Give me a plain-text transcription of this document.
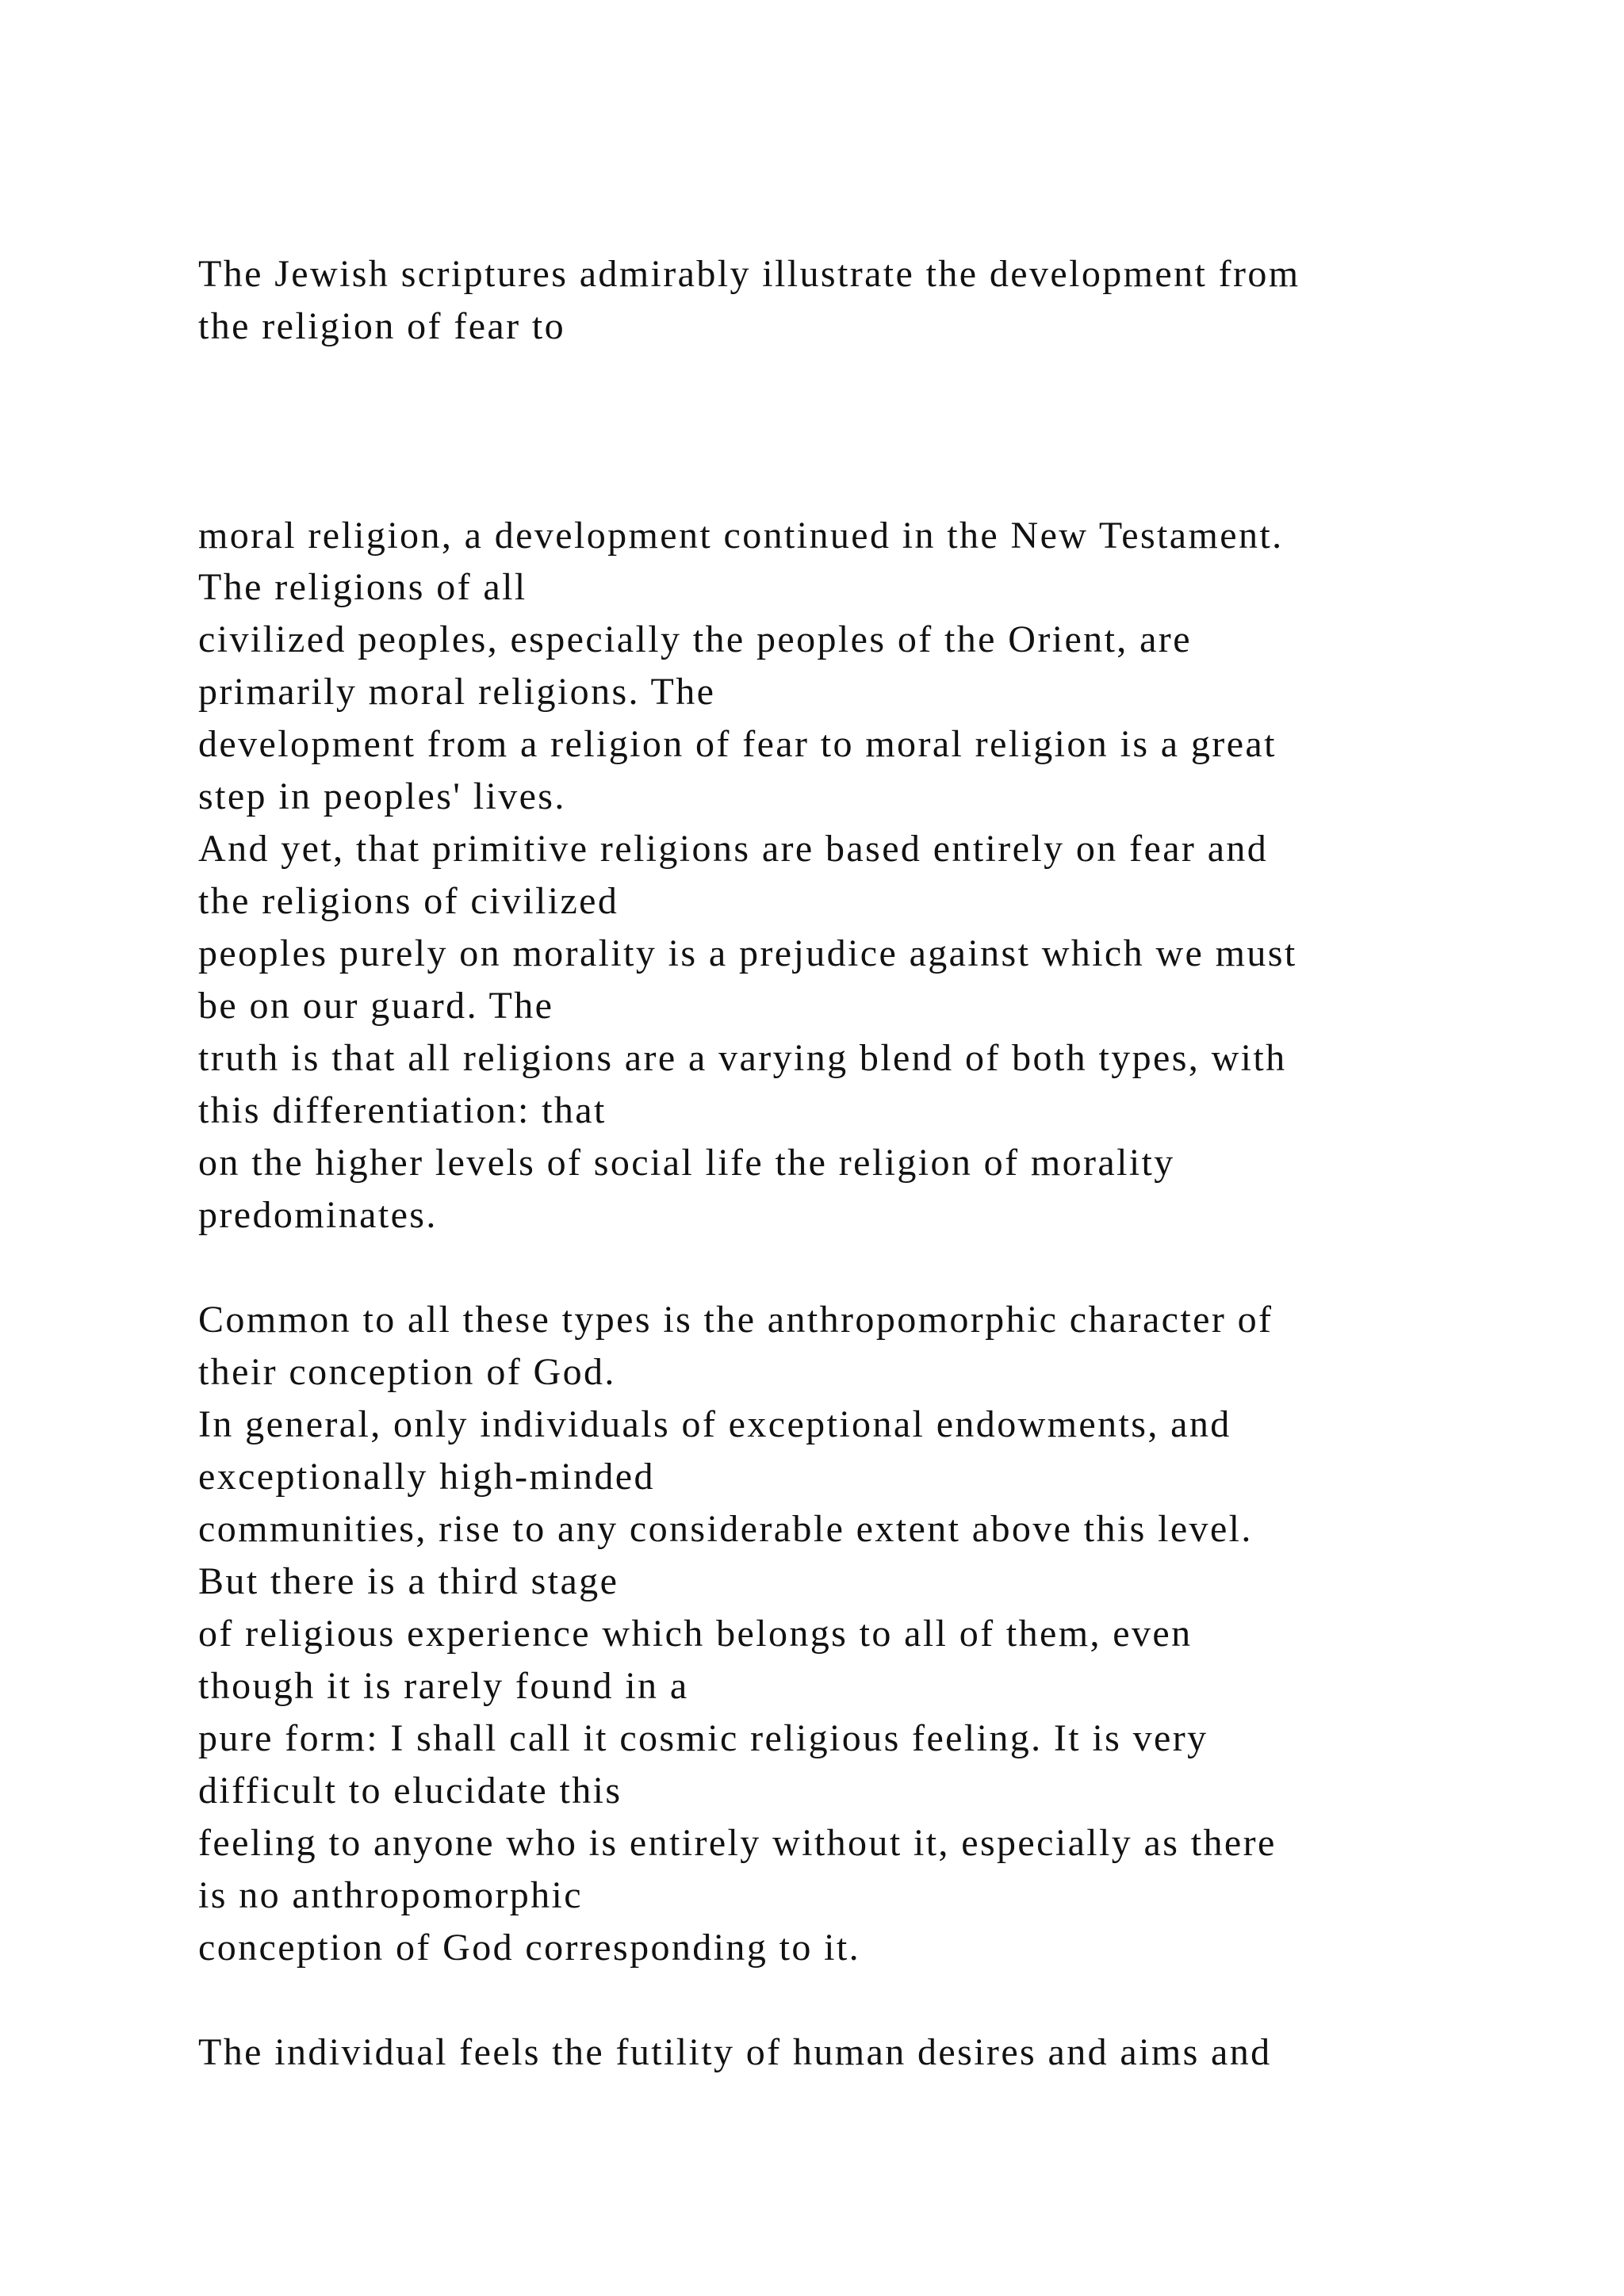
The Jewish scriptures admirably illustrate the development from

the religion of fear to

moral religion, a development continued in the New Testament.

The religions of all

civilized peoples, especially the peoples of the Orient, are

primarily moral religions. The

development from a religion of fear to moral religion is a great

step in peoples' lives.

And yet, that primitive religions are based entirely on fear and

the religions of civilized

peoples purely on morality is a prejudice against which we must

be on our guard. The

truth is that all religions are a varying blend of both types, with

this differentiation: that

on the higher levels of social life the religion of morality

predominates.

Common to all these types is the anthropomorphic character of

their conception of God.

In general, only individuals of exceptional endowments, and

exceptionally high-minded

communities, rise to any considerable extent above this level.

But there is a third stage

of religious experience which belongs to all of them, even

though it is rarely found in a

pure form: I shall call it cosmic religious feeling. It is very

difficult to elucidate this

feeling to anyone who is entirely without it, especially as there

is no anthropomorphic

conception of God corresponding to it.

The individual feels the futility of human desires and aims and
